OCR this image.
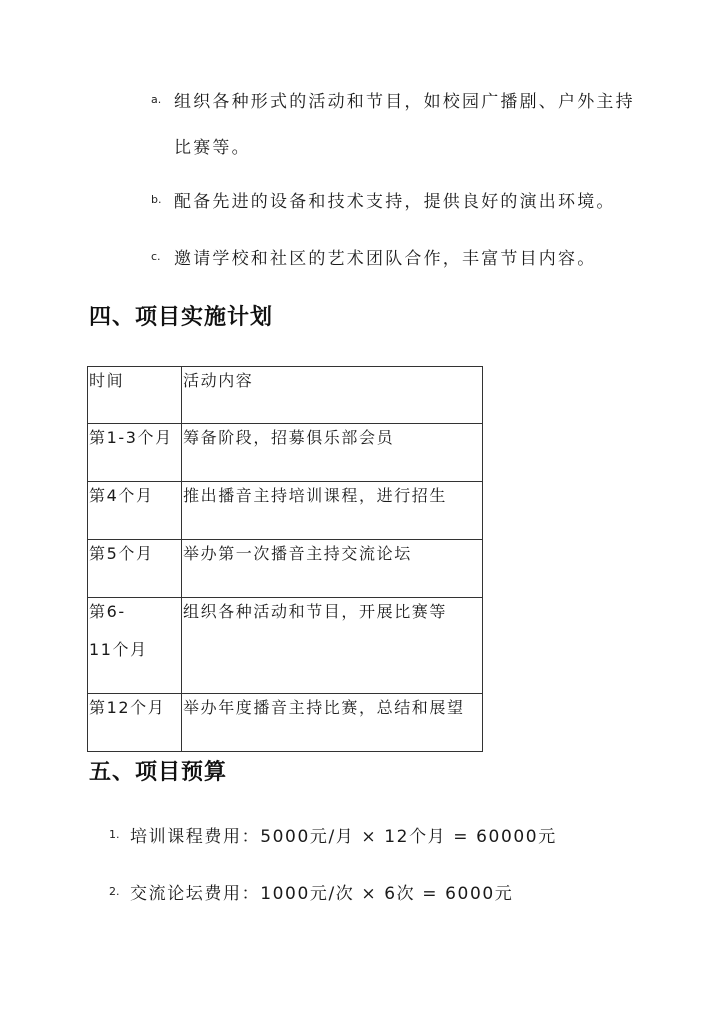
a. 组织各种形式的活动和节目，如校园广播剧、户外主持
比赛等。
b. 配备先进的设备和技术支持，提供良好的演出环境。
c. 邀请学校和社区的艺术团队合作，丰富节目内容。
四、项目实施计划
时间	活动内容
第1-3个月	筹备阶段，招募俱乐部会员
第4个月	推出播音主持培训课程，进行招生
第5个月	举办第一次播音主持交流论坛

第6-
11个月	组织各种活动和节目，开展比赛等
第12个月	举办年度播音主持比赛，总结和展望
五、项目预算
1. 培训课程费用：5000元/月 × 12个月 = 60000元
2. 交流论坛费用：1000元/次 × 6次 = 6000元
